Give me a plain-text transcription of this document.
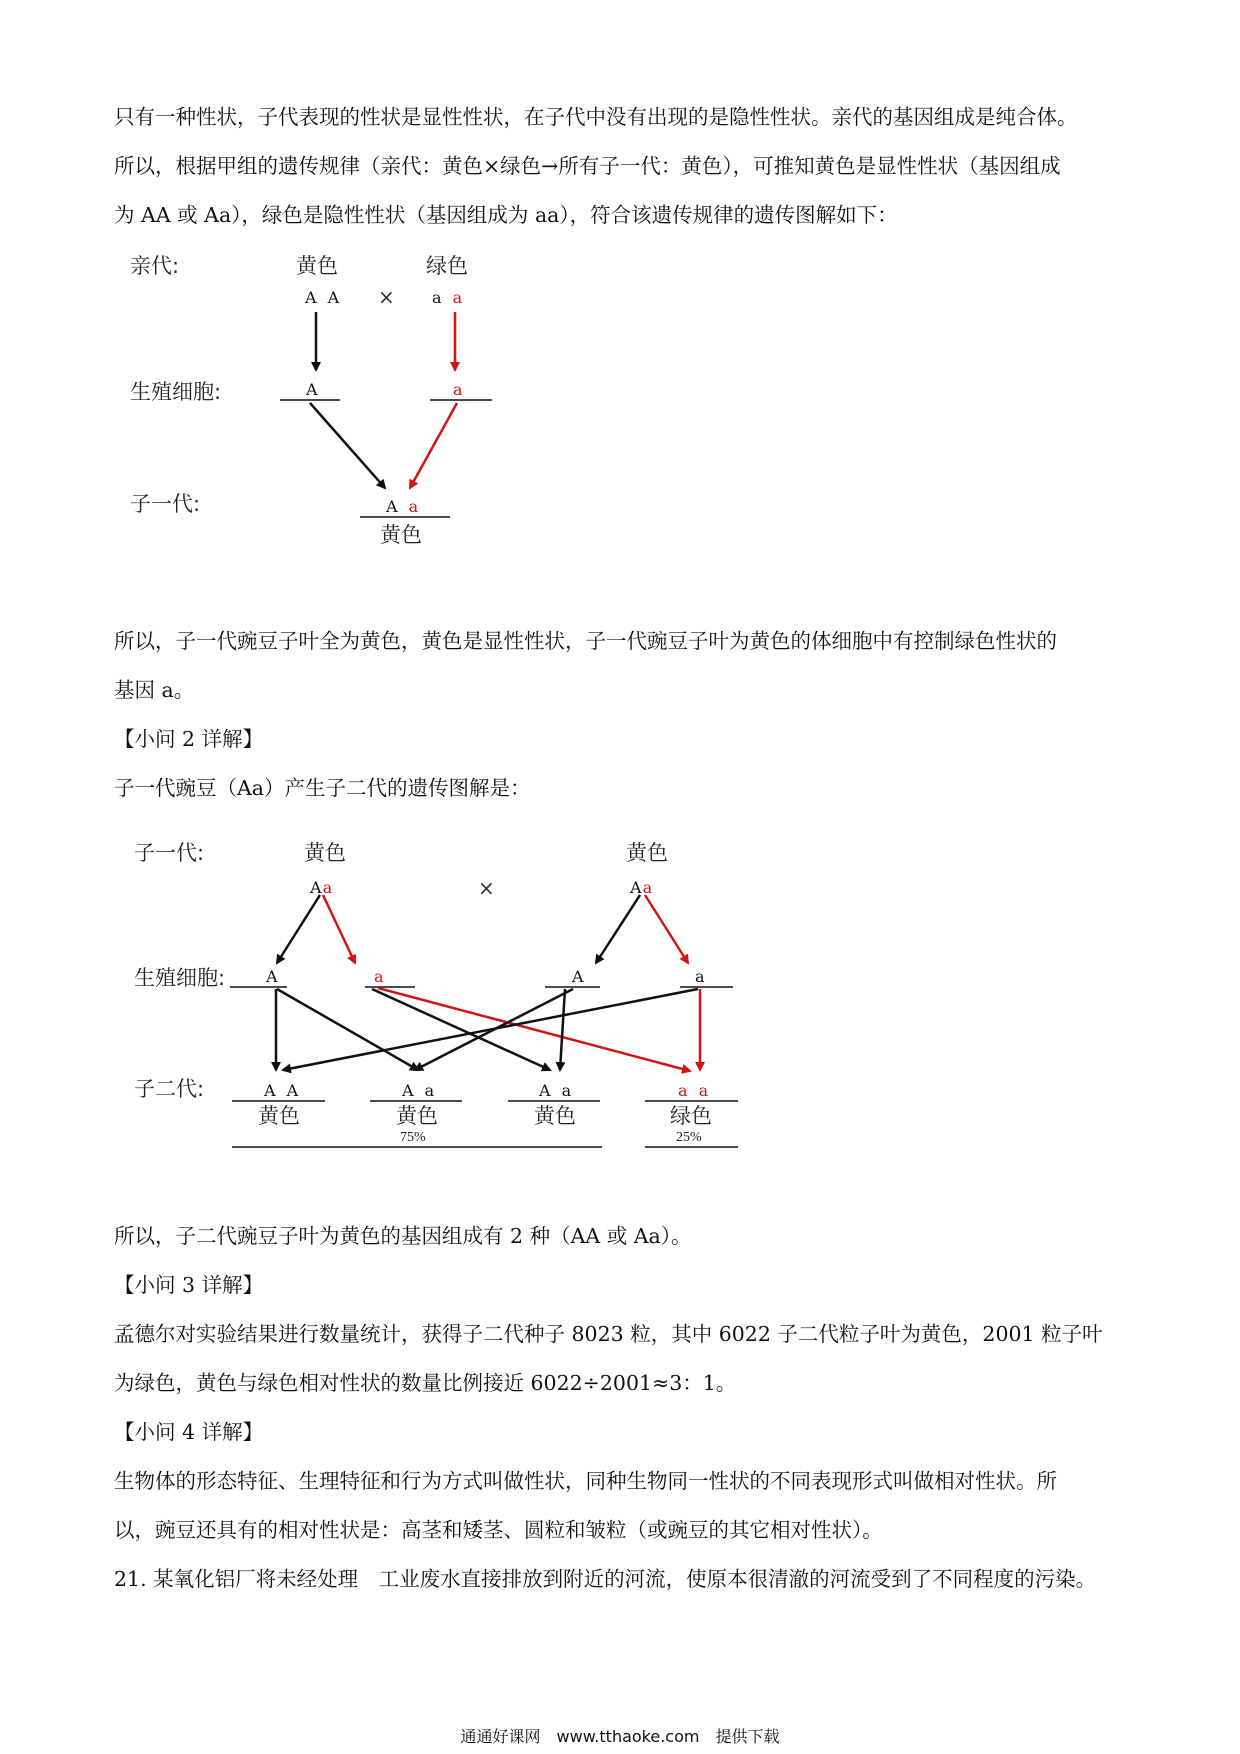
只有一种性状，子代表现的性状是显性性状，在子代中没有出现的是隐性性状。亲代的基因组成是纯合体。
所以，根据甲组的遗传规律（亲代：黄色×绿色→所有子一代：黄色），可推知黄色是显性性状（基因组成
为 AA 或 Aa），绿色是隐性性状（基因组成为 aa），符合该遗传规律的遗传图解如下：
亲代:
生殖细胞:
子一代:
黄色	绿色
A A × a a
A	a
A a
黄色
所以，子一代豌豆子叶全为黄色，黄色是显性性状，子一代豌豆子叶为黄色的体细胞中有控制绿色性状的
基因 a。
【小问 2 详解】
子一代豌豆（Aa）产生子二代的遗传图解是：
子一代:
生殖细胞:
子二代:
黄色	黄色
Aa	×	Aa
A	a	A	a
A A
黄色
A a
黄色
A a
黄色
a a
绿色
75%	25%
所以，子二代豌豆子叶为黄色的基因组成有 2 种（AA 或 Aa）。
【小问 3 详解】
孟德尔对实验结果进行数量统计，获得子二代种子 8023 粒，其中 6022 子二代粒子叶为黄色，2001 粒子叶
为绿色，黄色与绿色相对性状的数量比例接近 6022÷2001≈3：1。
【小问 4 详解】
生物体的形态特征、生理特征和行为方式叫做性状，同种生物同一性状的不同表现形式叫做相对性状。所
以，豌豆还具有的相对性状是：高茎和矮茎、圆粒和皱粒（或豌豆的其它相对性状）。
21. 某氧化铝厂将未经处理　工业废水直接排放到附近的河流，使原本很清澈的河流受到了不同程度的污染。
通通好课网　www.tthaoke.com　提供下载
